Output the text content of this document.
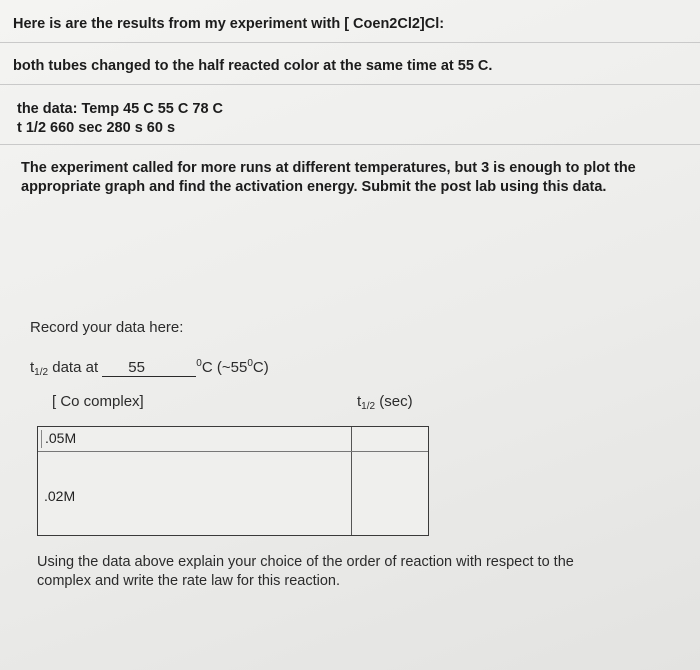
Here is are the results from my experiment with [ Coen2Cl2]Cl:
both tubes changed to the half reacted color at the same time at 55 C.
the data: Temp 45 C 55 C 78 C
t 1/2 660 sec 280 s 60 s
The experiment called for more runs at different temperatures, but 3 is enough to plot the
appropriate graph and find the activation energy. Submit the post lab using this data.
Record your data here:
$t_{1/2}$ data at 55	$^0$C $(\sim 55^0C)$
[ Co complex]	$t_{1/2}$ (sec)
.05M
.02M
Using the data above explain your choice of the order of reaction with respect to the
complex and write the rate law for this reaction.
